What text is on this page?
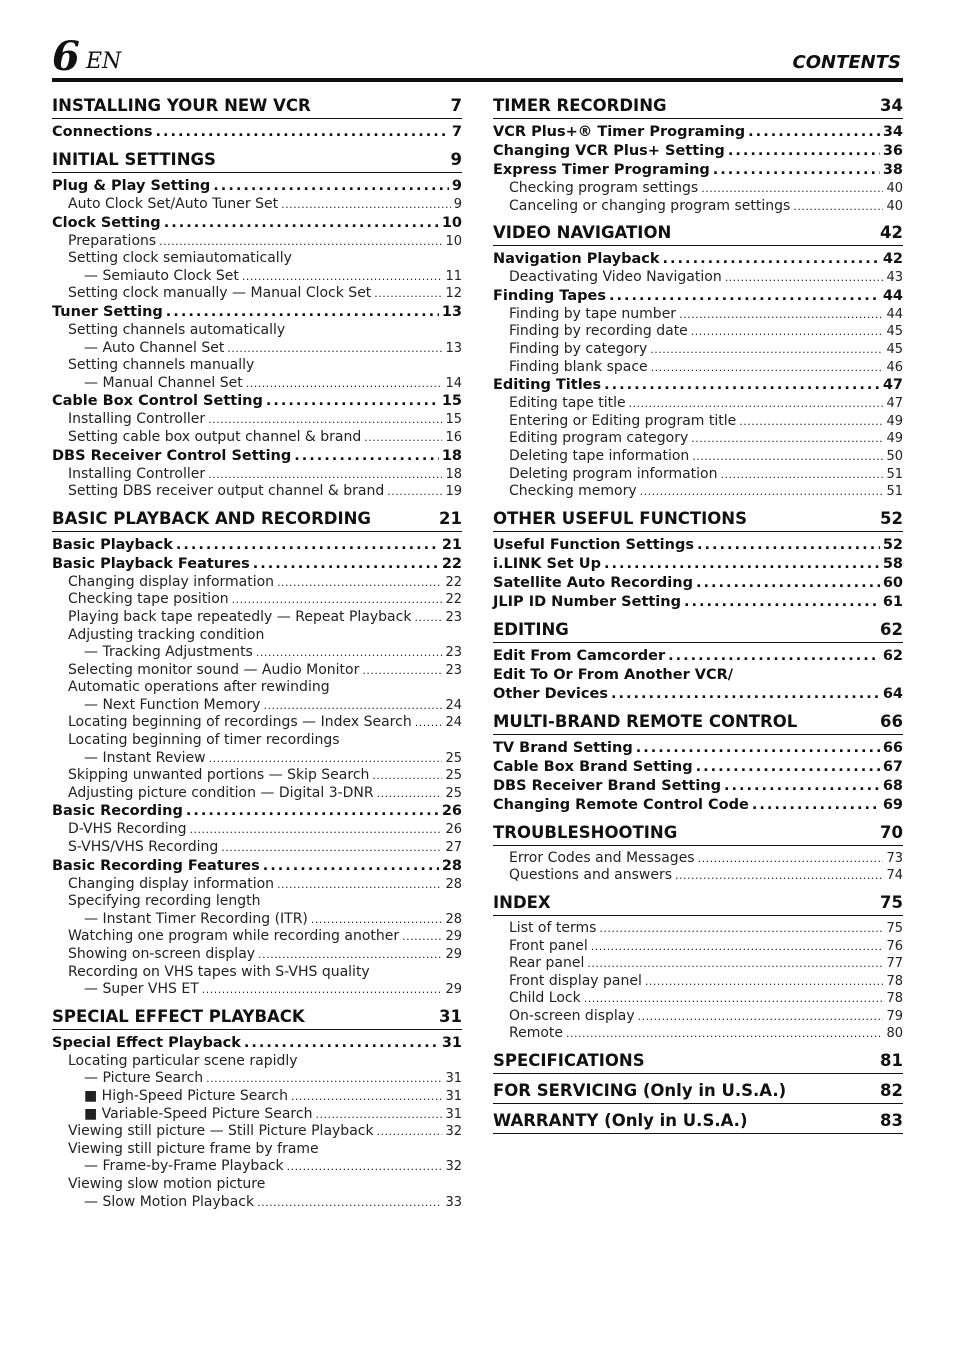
6 EN	CONTENTS
INSTALLING YOUR NEW VCR	7
Connections .....	7
INITIAL SETTINGS	9
Plug & Play Setting .....	9
Auto Clock Set/Auto Tuner Set .....	9
Clock Setting .....	10
Preparations .....	10
Setting clock semiautomatically
— Semiauto Clock Set .....	11
Setting clock manually — Manual Clock Set .....	12
Tuner Setting .....	13
Setting channels automatically
— Auto Channel Set .....	13
Setting channels manually
— Manual Channel Set .....	14
Cable Box Control Setting .....	15
Installing Controller .....	15
Setting cable box output channel & brand .....	16
DBS Receiver Control Setting .....	18
Installing Controller .....	18
Setting DBS receiver output channel & brand .....	19
BASIC PLAYBACK AND RECORDING	21
Basic Playback .....	21
Basic Playback Features .....	22
Changing display information .....	22
Checking tape position .....	22
Playing back tape repeatedly — Repeat Playback .....	23
Adjusting tracking condition
— Tracking Adjustments .....	23
Selecting monitor sound — Audio Monitor .....	23
Automatic operations after rewinding
— Next Function Memory .....	24
Locating beginning of recordings — Index Search .....	24
Locating beginning of timer recordings
— Instant Review .....	25
Skipping unwanted portions — Skip Search .....	25
Adjusting picture condition — Digital 3-DNR .....	25
Basic Recording .....	26
D-VHS Recording .....	26
S-VHS/VHS Recording .....	27
Basic Recording Features .....	28
Changing display information .....	28
Specifying recording length
— Instant Timer Recording (ITR) .....	28
Watching one program while recording another .....	29
Showing on-screen display .....	29
Recording on VHS tapes with S-VHS quality
— Super VHS ET .....	29
SPECIAL EFFECT PLAYBACK	31
Special Effect Playback .....	31
Locating particular scene rapidly
— Picture Search .....	31
■ High-Speed Picture Search .....	31
■ Variable-Speed Picture Search .....	31
Viewing still picture — Still Picture Playback .....	32
Viewing still picture frame by frame
— Frame-by-Frame Playback .....	32
Viewing slow motion picture
— Slow Motion Playback .....	33
TIMER RECORDING	34
VCR Plus+® Timer Programing .....	34
Changing VCR Plus+ Setting .....	36
Express Timer Programing .....	38
Checking program settings .....	40
Canceling or changing program settings .....	40
VIDEO NAVIGATION	42
Navigation Playback .....	42
Deactivating Video Navigation .....	43
Finding Tapes .....	44
Finding by tape number .....	44
Finding by recording date .....	45
Finding by category .....	45
Finding blank space .....	46
Editing Titles .....	47
Editing tape title .....	47
Entering or Editing program title .....	49
Editing program category .....	49
Deleting tape information .....	50
Deleting program information .....	51
Checking memory .....	51
OTHER USEFUL FUNCTIONS	52
Useful Function Settings .....	52
i.LINK Set Up .....	58
Satellite Auto Recording .....	60
JLIP ID Number Setting .....	61
EDITING	62
Edit From Camcorder .....	62
Edit To Or From Another VCR/
Other Devices .....	64
MULTI-BRAND REMOTE CONTROL	66
TV Brand Setting .....	66
Cable Box Brand Setting .....	67
DBS Receiver Brand Setting .....	68
Changing Remote Control Code .....	69
TROUBLESHOOTING	70
Error Codes and Messages .....	73
Questions and answers .....	74
INDEX	75
List of terms .....	75
Front panel .....	76
Rear panel .....	77
Front display panel .....	78
Child Lock .....	78
On-screen display .....	79
Remote .....	80
SPECIFICATIONS	81
FOR SERVICING (Only in U.S.A.)	82
WARRANTY (Only in U.S.A.)	83
